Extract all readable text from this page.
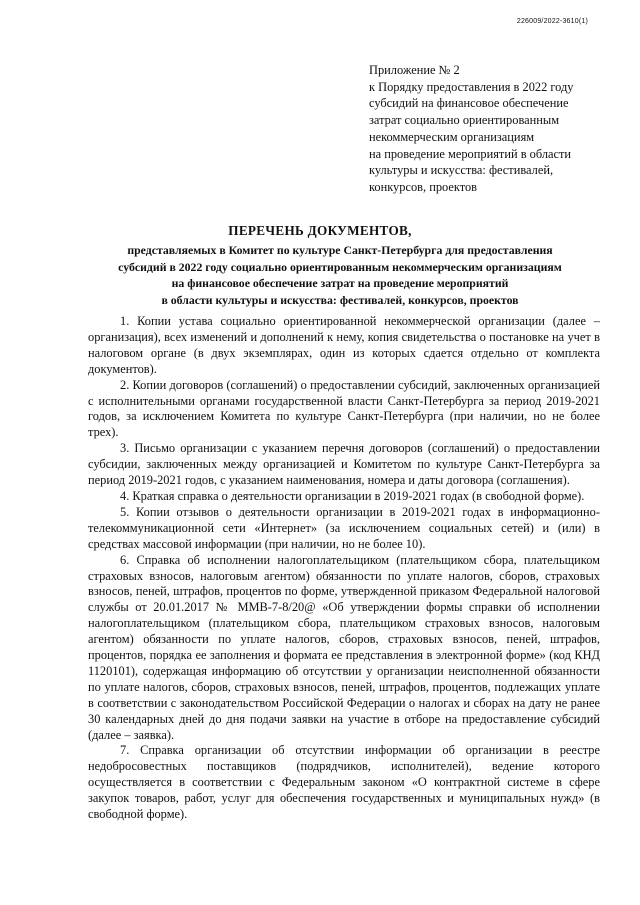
226009/2022-3610(1)
Приложение № 2
к Порядку предоставления в 2022 году
субсидий на финансовое обеспечение
затрат социально ориентированным
некоммерческим организациям
на проведение мероприятий в области
культуры и искусства: фестивалей,
конкурсов, проектов
ПЕРЕЧЕНЬ ДОКУМЕНТОВ,
представляемых в Комитет по культуре Санкт-Петербурга для предоставления
субсидий в 2022 году социально ориентированным некоммерческим организациям
на финансовое обеспечение затрат на проведение мероприятий
в области культуры и искусства: фестивалей, конкурсов, проектов

1. Копии устава социально ориентированной некоммерческой организации (далее – организация), всех изменений и дополнений к нему, копия свидетельства о постановке на учет в налоговом органе (в двух экземплярах, один из которых сдается отдельно от комплекта документов).

2. Копии договоров (соглашений) о предоставлении субсидий, заключенных организацией с исполнительными органами государственной власти Санкт-Петербурга за период 2019-2021 годов, за исключением Комитета по культуре Санкт-Петербурга (при наличии, но не более трех).

3. Письмо организации с указанием перечня договоров (соглашений) о предоставлении субсидии, заключенных между организацией и Комитетом по культуре Санкт-Петербурга за период 2019-2021 годов, с указанием наименования, номера и даты договора (соглашения).

4. Краткая справка о деятельности организации в 2019-2021 годах (в свободной форме).

5. Копии отзывов о деятельности организации в 2019-2021 годах в информационно-телекоммуникационной сети «Интернет» (за исключением социальных сетей) и (или) в средствах массовой информации (при наличии, но не более 10).

6. Справка об исполнении налогоплательщиком (плательщиком сбора, плательщиком страховых взносов, налоговым агентом) обязанности по уплате налогов, сборов, страховых взносов, пеней, штрафов, процентов по форме, утвержденной приказом Федеральной налоговой службы от 20.01.2017 № ММВ-7-8/20@ «Об утверждении формы справки об исполнении налогоплательщиком (плательщиком сбора, плательщиком страховых взносов, налоговым агентом) обязанности по уплате налогов, сборов, страховых взносов, пеней, штрафов, процентов, порядка ее заполнения и формата ее представления в электронной форме» (код КНД 1120101), содержащая информацию об отсутствии у организации неисполненной обязанности по уплате налогов, сборов, страховых взносов, пеней, штрафов, процентов, подлежащих уплате в соответствии с законодательством Российской Федерации о налогах и сборах на дату не ранее 30 календарных дней до дня подачи заявки на участие в отборе на предоставление субсидий (далее – заявка).

7. Справка организации об отсутствии информации об организации в реестре недобросовестных поставщиков (подрядчиков, исполнителей), ведение которого осуществляется в соответствии с Федеральным законом «О контрактной системе в сфере закупок товаров, работ, услуг для обеспечения государственных и муниципальных нужд» (в свободной форме).
